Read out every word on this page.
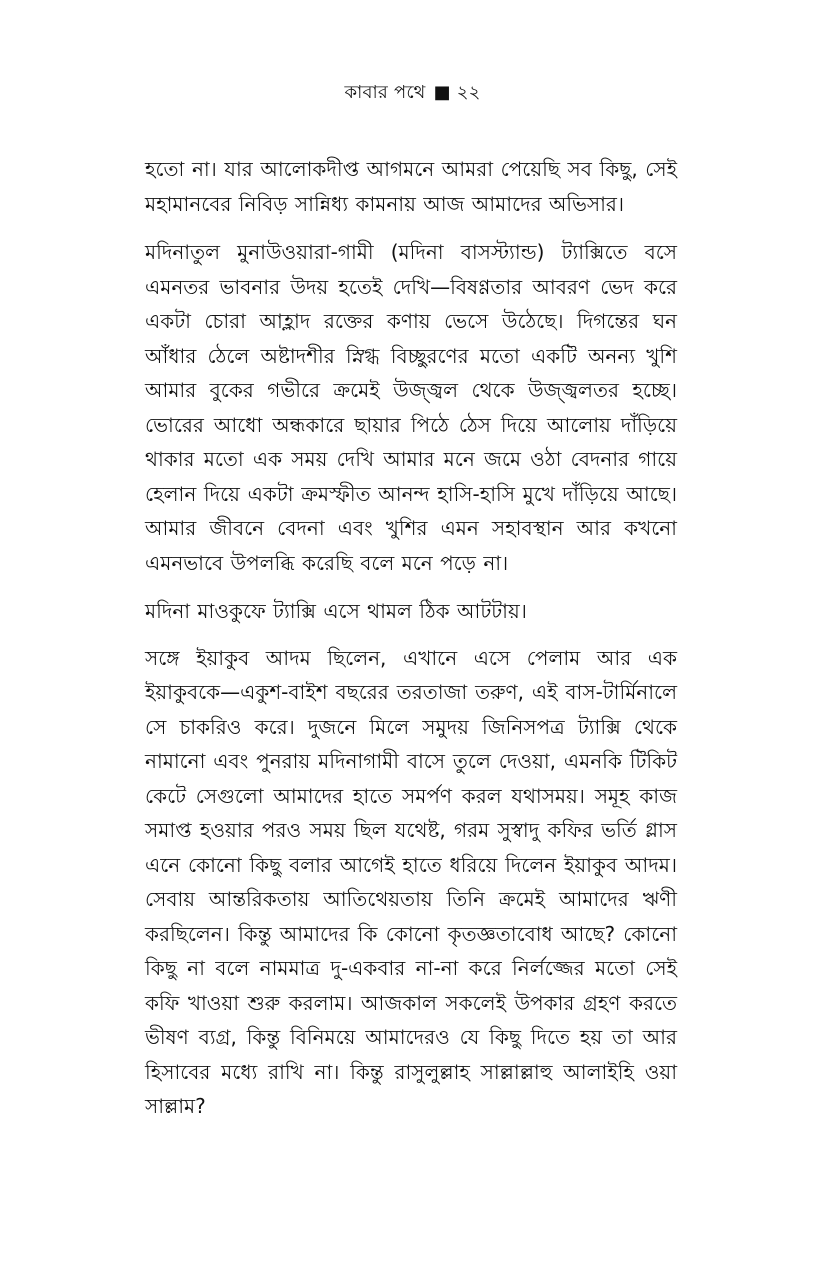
কাবার পথে ■ ২২

হতো না। যার আলোকদীপ্ত আগমনে আমরা পেয়েছি সব কিছু, সেই মহামানবের নিবিড় সান্নিধ্য কামনায় আজ আমাদের অভিসার।

মদিনাতুল মুনাউওয়ারা-গামী (মদিনা বাসস্ট্যান্ড) ট্যাক্সিতে বসে এমনতর ভাবনার উদয় হতেই দেখি—বিষণ্ণতার আবরণ ভেদ করে একটা চোরা আহ্লাদ রক্তের কণায় ভেসে উঠেছে। দিগন্তের ঘন আঁধার ঠেলে অষ্টাদশীর স্নিগ্ধ বিচ্ছুরণের মতো একটি অনন্য খুশি আমার বুকের গভীরে ক্রমেই উজ্জ্বল থেকে উজ্জ্বলতর হচ্ছে। ভোরের আধো অন্ধকারে ছায়ার পিঠে ঠেস দিয়ে আলোয় দাঁড়িয়ে থাকার মতো এক সময় দেখি আমার মনে জমে ওঠা বেদনার গায়ে হেলান দিয়ে একটা ক্রমস্ফীত আনন্দ হাসি-হাসি মুখে দাঁড়িয়ে আছে। আমার জীবনে বেদনা এবং খুশির এমন সহাবস্থান আর কখনো এমনভাবে উপলব্ধি করেছি বলে মনে পড়ে না।

মদিনা মাওকুফে ট্যাক্সি এসে থামল ঠিক আটটায়।

সঙ্গে ইয়াকুব আদম ছিলেন, এখানে এসে পেলাম আর এক ইয়াকুবকে—একুশ-বাইশ বছরের তরতাজা তরুণ, এই বাস-টার্মিনালে সে চাকরিও করে। দুজনে মিলে সমুদয় জিনিসপত্র ট্যাক্সি থেকে নামানো এবং পুনরায় মদিনাগামী বাসে তুলে দেওয়া, এমনকি টিকিট কেটে সেগুলো আমাদের হাতে সমর্পণ করল যথাসময়। সমূহ কাজ সমাপ্ত হওয়ার পরও সময় ছিল যথেষ্ট, গরম সুস্বাদু কফির ভর্তি গ্লাস এনে কোনো কিছু বলার আগেই হাতে ধরিয়ে দিলেন ইয়াকুব আদম। সেবায় আন্তরিকতায় আতিথেয়তায় তিনি ক্রমেই আমাদের ঋণী করছিলেন। কিন্তু আমাদের কি কোনো কৃতজ্ঞতাবোধ আছে? কোনো কিছু না বলে নামমাত্র দু-একবার না-না করে নির্লজ্জের মতো সেই কফি খাওয়া শুরু করলাম। আজকাল সকলেই উপকার গ্রহণ করতে ভীষণ ব্যগ্র, কিন্তু বিনিময়ে আমাদেরও যে কিছু দিতে হয় তা আর হিসাবের মধ্যে রাখি না। কিন্তু রাসুলুল্লাহ সাল্লাল্লাহু আলাইহি ওয়া সাল্লাম?
